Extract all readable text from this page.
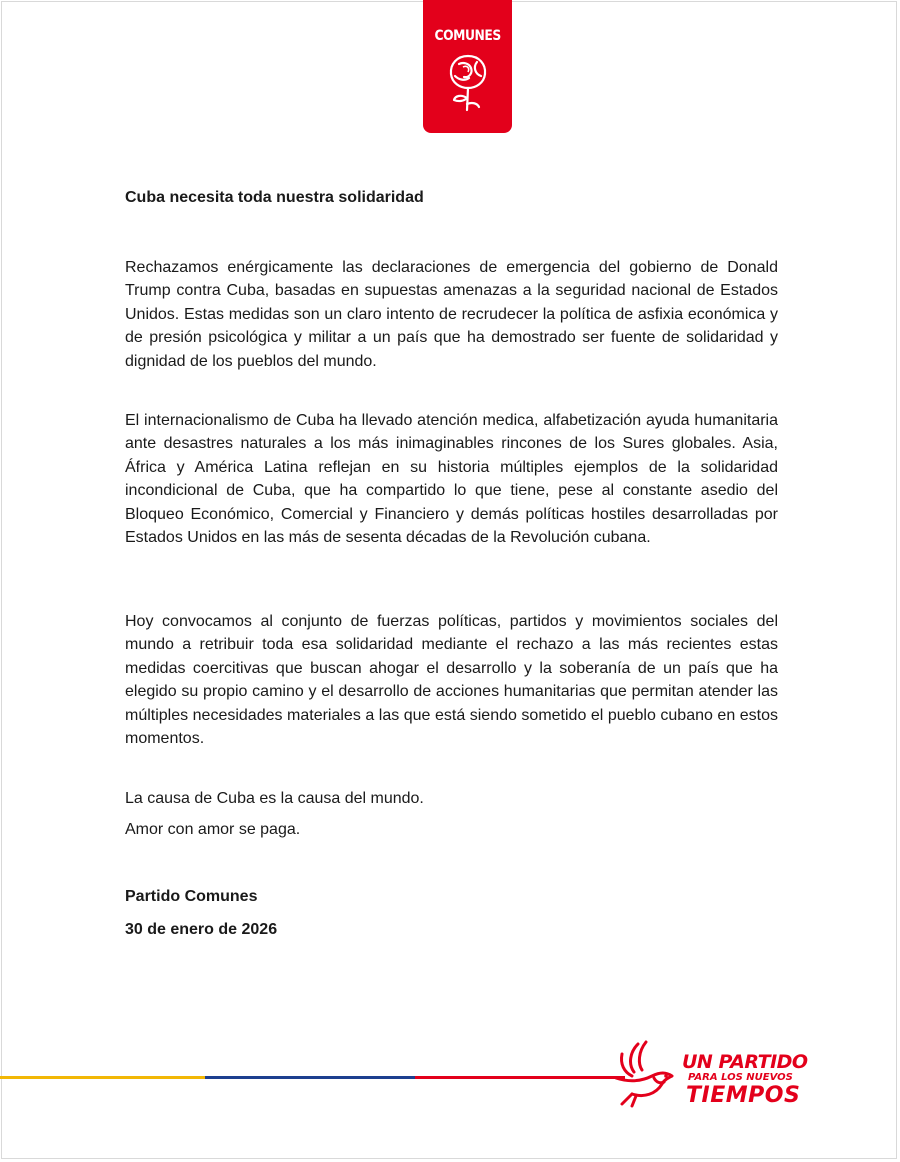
COMUNES
Cuba necesita toda nuestra solidaridad

Rechazamos enérgicamente las declaraciones de emergencia del gobierno de Donald Trump contra Cuba, basadas en supuestas amenazas a la seguridad nacional de Estados Unidos. Estas medidas son un claro intento de recrudecer la política de asfixia económica y de presión psicológica y militar a un país que ha demostrado ser fuente de solidaridad y dignidad de los pueblos del mundo.

El internacionalismo de Cuba ha llevado atención medica, alfabetización ayuda humanitaria ante desastres naturales a los más inimaginables rincones de los Sures globales. Asia, África y América Latina reflejan en su historia múltiples ejemplos de la solidaridad incondicional de Cuba, que ha compartido lo que tiene, pese al constante asedio del Bloqueo Económico, Comercial y Financiero y demás políticas hostiles desarrolladas por Estados Unidos en las más de sesenta décadas de la Revolución cubana.

Hoy convocamos al conjunto de fuerzas políticas, partidos y movimientos sociales del mundo a retribuir toda esa solidaridad mediante el rechazo a las más recientes estas medidas coercitivas que buscan ahogar el desarrollo y la soberanía de un país que ha elegido su propio camino y el desarrollo de acciones humanitarias que permitan atender las múltiples necesidades materiales a las que está siendo sometido el pueblo cubano en estos momentos.

La causa de Cuba es la causa del mundo.

Amor con amor se paga.

Partido Comunes

30 de enero de 2026

UN PARTIDO
PARA LOS NUEVOS
TIEMPOS
